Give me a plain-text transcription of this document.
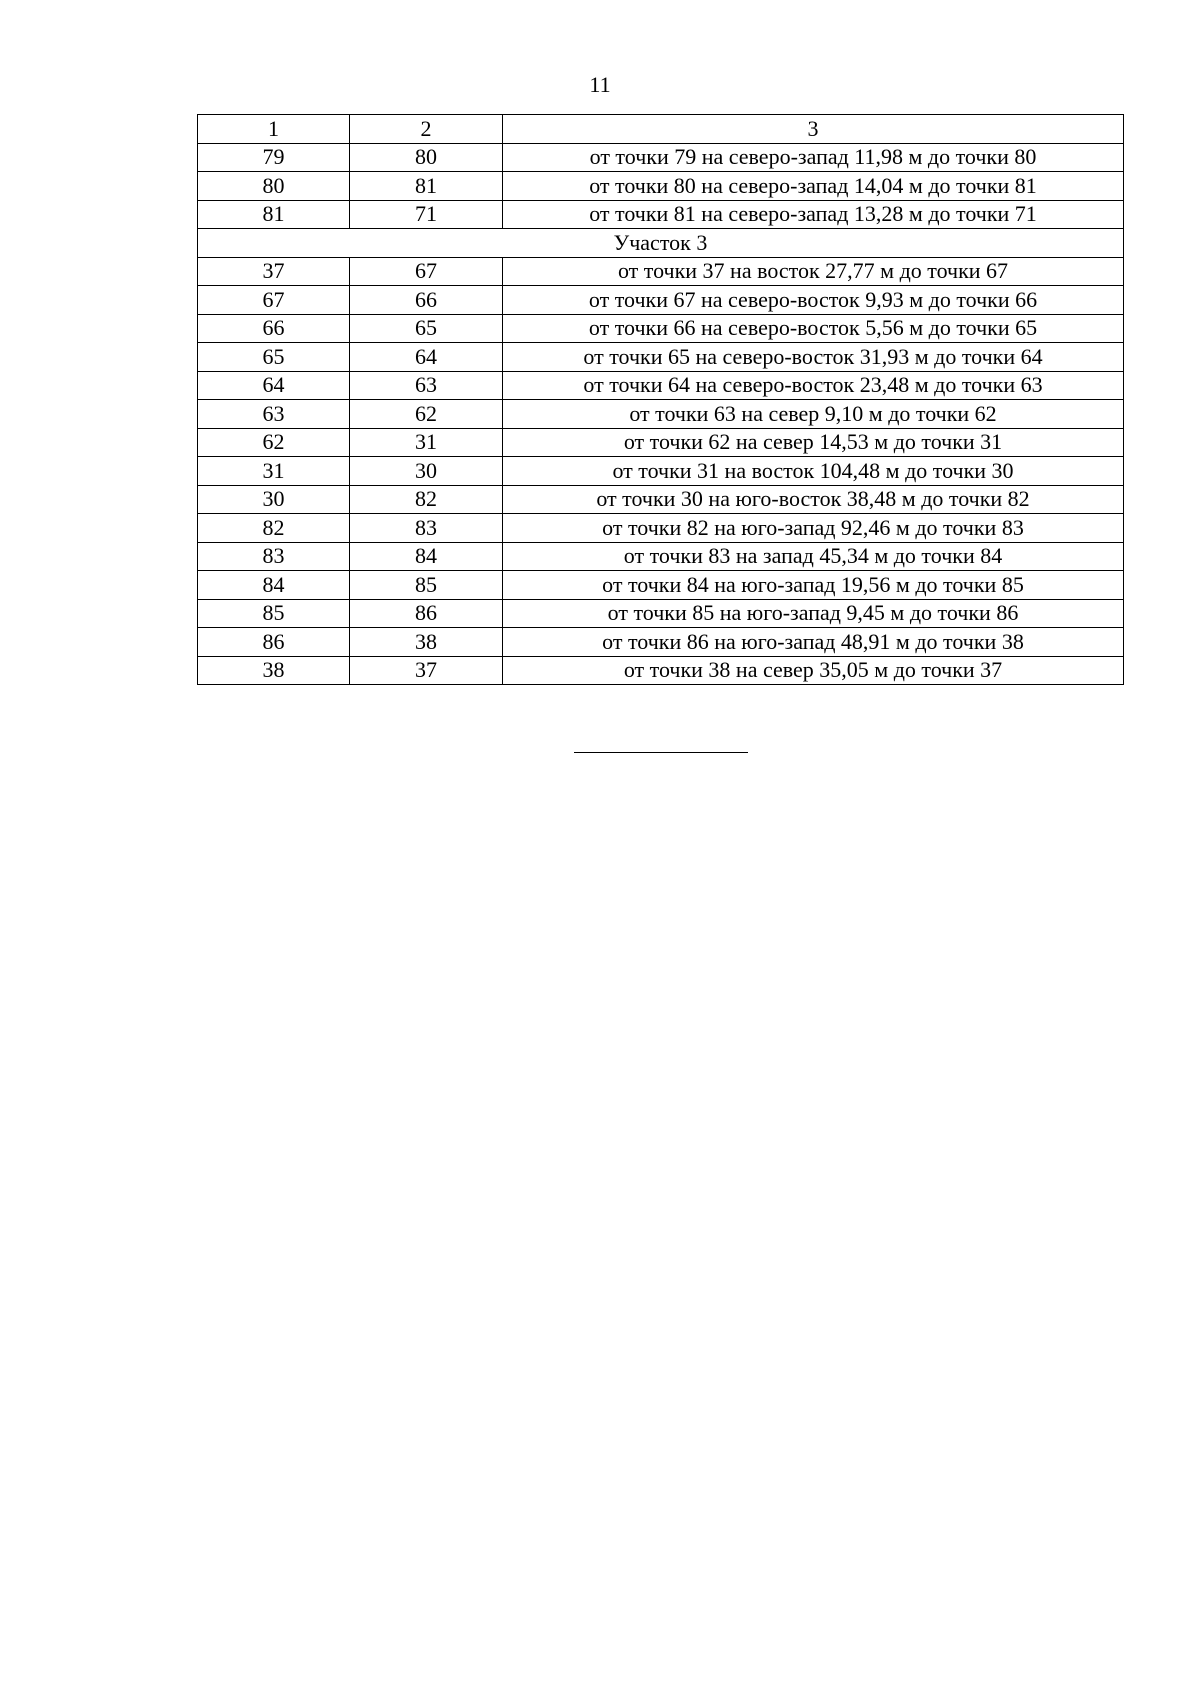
11
1	2	3
79	80	от точки 79 на северо-запад 11,98 м до точки 80
80	81	от точки 80 на северо-запад 14,04 м до точки 81
81	71	от точки 81 на северо-запад 13,28 м до точки 71
Участок 3		
37	67	от точки 37 на восток 27,77 м до точки 67
67	66	от точки 67 на северо-восток 9,93 м до точки 66
66	65	от точки 66 на северо-восток 5,56 м до точки 65
65	64	от точки 65 на северо-восток 31,93 м до точки 64
64	63	от точки 64 на северо-восток 23,48 м до точки 63
63	62	от точки 63 на север 9,10 м до точки 62
62	31	от точки 62 на север 14,53 м до точки 31
31	30	от точки 31 на восток 104,48 м до точки 30
30	82	от точки 30 на юго-восток 38,48 м до точки 82
82	83	от точки 82 на юго-запад 92,46 м до точки 83
83	84	от точки 83 на запад 45,34 м до точки 84
84	85	от точки 84 на юго-запад 19,56 м до точки 85
85	86	от точки 85 на юго-запад 9,45 м до точки 86
86	38	от точки 86 на юго-запад 48,91 м до точки 38
38	37	от точки 38 на север 35,05 м до точки 37
